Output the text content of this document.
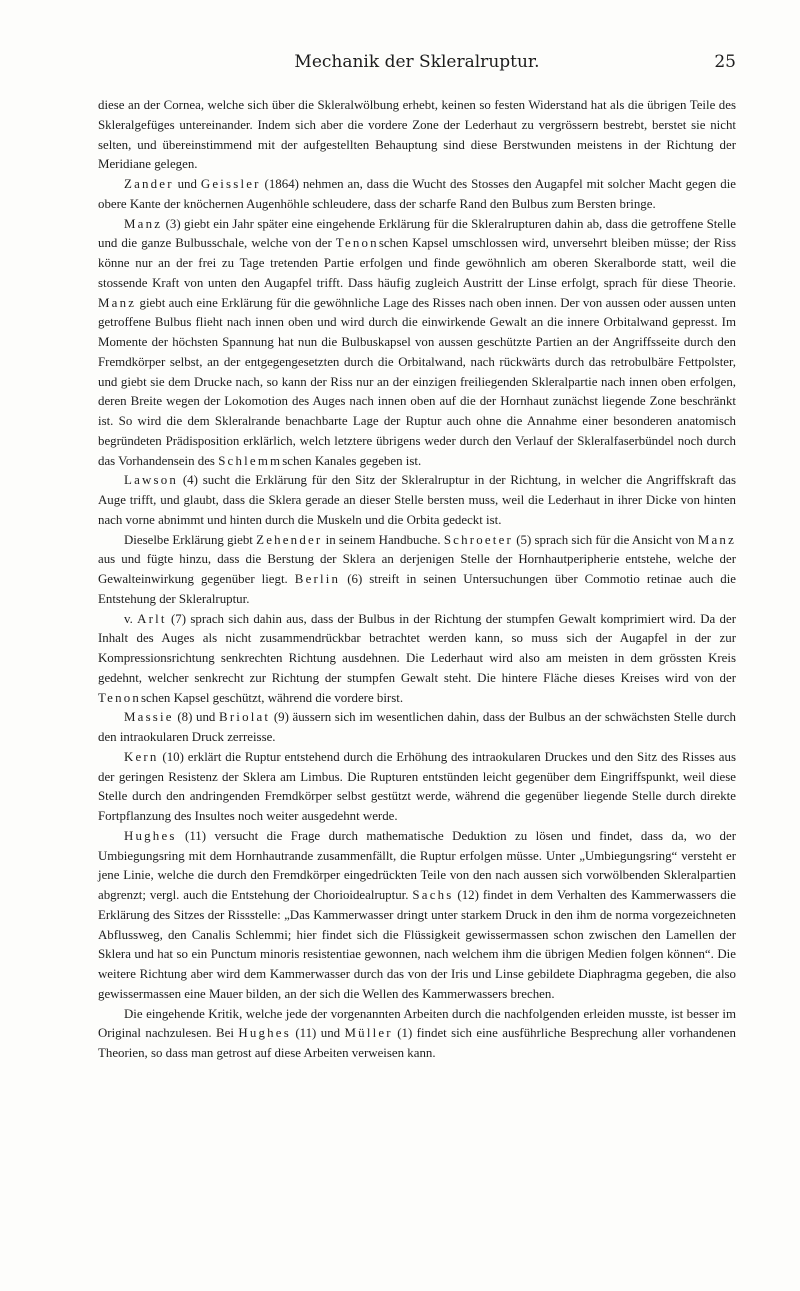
Mechanik der Skleralruptur.	25

diese an der Cornea, welche sich über die Skleralwölbung erhebt, keinen so festen Widerstand hat als die übrigen Teile des Skleralgefüges untereinander. Indem sich aber die vordere Zone der Lederhaut zu vergrössern bestrebt, berstet sie nicht selten, und übereinstimmend mit der aufgestellten Behauptung sind diese Berstwunden meistens in der Richtung der Meridiane gelegen.

Zander und Geissler (1864) nehmen an, dass die Wucht des Stosses den Augapfel mit solcher Macht gegen die obere Kante der knöchernen Augenhöhle schleudere, dass der scharfe Rand den Bulbus zum Bersten bringe.

Manz (3) giebt ein Jahr später eine eingehende Erklärung für die Skleralrupturen dahin ab, dass die getroffene Stelle und die ganze Bulbusschale, welche von der Tenonschen Kapsel umschlossen wird, unversehrt bleiben müsse; der Riss könne nur an der frei zu Tage tretenden Partie erfolgen und finde gewöhnlich am oberen Skeralborde statt, weil die stossende Kraft von unten den Augapfel trifft. Dass häufig zugleich Austritt der Linse erfolgt, sprach für diese Theorie. Manz giebt auch eine Erklärung für die gewöhnliche Lage des Risses nach oben innen. Der von aussen oder aussen unten getroffene Bulbus flieht nach innen oben und wird durch die einwirkende Gewalt an die innere Orbitalwand gepresst. Im Momente der höchsten Spannung hat nun die Bulbuskapsel von aussen geschützte Partien an der Angriffsseite durch den Fremdkörper selbst, an der entgegengesetzten durch die Orbitalwand, nach rückwärts durch das retrobulbäre Fettpolster, und giebt sie dem Drucke nach, so kann der Riss nur an der einzigen freiliegenden Skleralpartie nach innen oben erfolgen, deren Breite wegen der Lokomotion des Auges nach innen oben auf die der Hornhaut zunächst liegende Zone beschränkt ist. So wird die dem Skleralrande benachbarte Lage der Ruptur auch ohne die Annahme einer besonderen anatomisch begründeten Prädisposition erklärlich, welch letztere übrigens weder durch den Verlauf der Skleralfaserbündel noch durch das Vorhandensein des Schlemmschen Kanales gegeben ist.

Lawson (4) sucht die Erklärung für den Sitz der Skleralruptur in der Richtung, in welcher die Angriffskraft das Auge trifft, und glaubt, dass die Sklera gerade an dieser Stelle bersten muss, weil die Lederhaut in ihrer Dicke von hinten nach vorne abnimmt und hinten durch die Muskeln und die Orbita gedeckt ist.

Dieselbe Erklärung giebt Zehender in seinem Handbuche. Schroeter (5) sprach sich für die Ansicht von Manz aus und fügte hinzu, dass die Berstung der Sklera an derjenigen Stelle der Hornhautperipherie entstehe, welche der Gewalteinwirkung gegenüber liegt. Berlin (6) streift in seinen Untersuchungen über Commotio retinae auch die Entstehung der Skleralruptur.

v. Arlt (7) sprach sich dahin aus, dass der Bulbus in der Richtung der stumpfen Gewalt komprimiert wird. Da der Inhalt des Auges als nicht zusammendrückbar betrachtet werden kann, so muss sich der Augapfel in der zur Kompressionsrichtung senkrechten Richtung ausdehnen. Die Lederhaut wird also am meisten in dem grössten Kreis gedehnt, welcher senkrecht zur Richtung der stumpfen Gewalt steht. Die hintere Fläche dieses Kreises wird von der Tenonschen Kapsel geschützt, während die vordere birst.

Massie (8) und Briolat (9) äussern sich im wesentlichen dahin, dass der Bulbus an der schwächsten Stelle durch den intraokularen Druck zerreisse.

Kern (10) erklärt die Ruptur entstehend durch die Erhöhung des intraokularen Druckes und den Sitz des Risses aus der geringen Resistenz der Sklera am Limbus. Die Rupturen entstünden leicht gegenüber dem Eingriffspunkt, weil diese Stelle durch den andringenden Fremdkörper selbst gestützt werde, während die gegenüber liegende Stelle durch direkte Fortpflanzung des Insultes noch weiter ausgedehnt werde.

Hughes (11) versucht die Frage durch mathematische Deduktion zu lösen und findet, dass da, wo der Umbiegungsring mit dem Hornhautrande zusammenfällt, die Ruptur erfolgen müsse. Unter „Umbiegungsring“ versteht er jene Linie, welche die durch den Fremdkörper eingedrückten Teile von den nach aussen sich vorwölbenden Skleralpartien abgrenzt; vergl. auch die Entstehung der Chorioidealruptur. Sachs (12) findet in dem Verhalten des Kammerwassers die Erklärung des Sitzes der Rissstelle: „Das Kammerwasser dringt unter starkem Druck in den ihm de norma vorgezeichneten Abflussweg, den Canalis Schlemmi; hier findet sich die Flüssigkeit gewissermassen schon zwischen den Lamellen der Sklera und hat so ein Punctum minoris resistentiae gewonnen, nach welchem ihm die übrigen Medien folgen können“. Die weitere Richtung aber wird dem Kammerwasser durch das von der Iris und Linse gebildete Diaphragma gegeben, die also gewissermassen eine Mauer bilden, an der sich die Wellen des Kammerwassers brechen.

Die eingehende Kritik, welche jede der vorgenannten Arbeiten durch die nachfolgenden erleiden musste, ist besser im Original nachzulesen. Bei Hughes (11) und Müller (1) findet sich eine ausführliche Besprechung aller vorhandenen Theorien, so dass man getrost auf diese Arbeiten verweisen kann.
